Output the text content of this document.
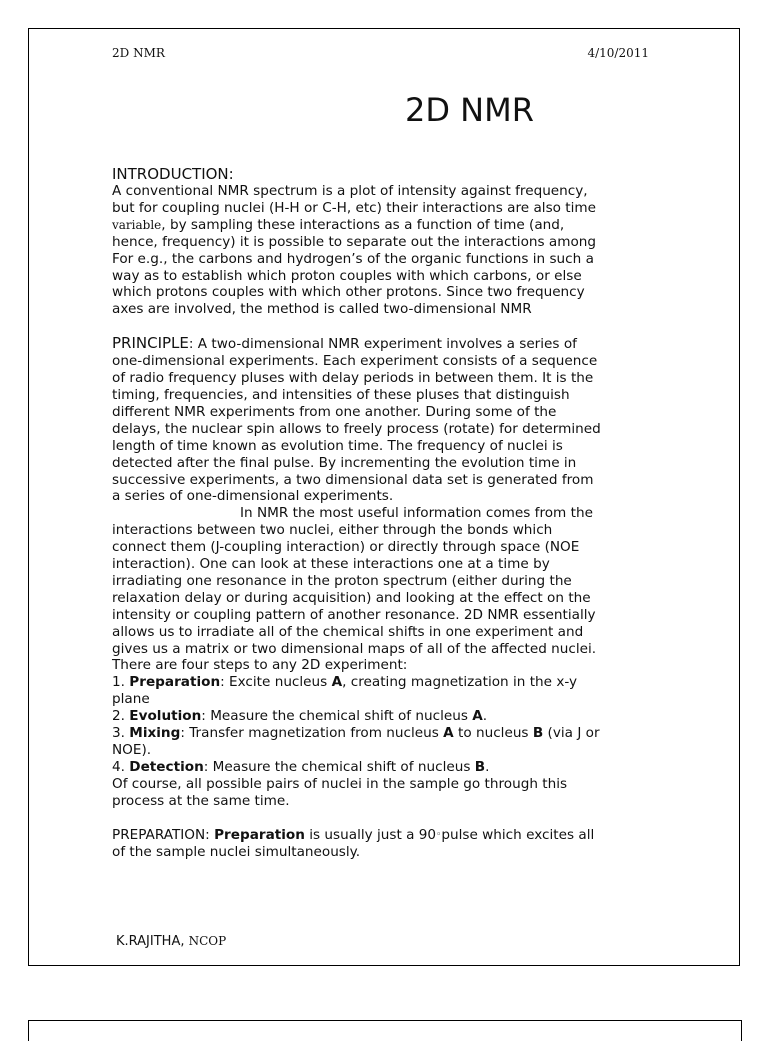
2D NMR	4/10/2011
2D NMR

INTRODUCTION:

A conventional NMR spectrum is a plot of intensity against frequency,

but for coupling nuclei (H-H or C-H, etc) their interactions are also time

variable, by sampling these interactions as a function of time (and,

hence, frequency) it is possible to separate out the interactions among

For e.g., the carbons and hydrogen’s of the organic functions in such a

way as to establish which proton couples with which carbons, or else

which protons couples with which other protons. Since two frequency

axes are involved, the method is called two-dimensional NMR

PRINCIPLE: A two-dimensional NMR experiment involves a series of

one-dimensional experiments. Each experiment consists of a sequence

of radio frequency pluses with delay periods in between them. It is the

timing, frequencies, and intensities of these pluses that distinguish

different NMR experiments from one another. During some of the

delays, the nuclear spin allows to freely process (rotate) for determined

length of time known as evolution time. The frequency of nuclei is

detected after the final pulse. By incrementing the evolution time in

successive experiments, a two dimensional data set is generated from

a series of one-dimensional experiments.

In NMR the most useful information comes from the

interactions between two nuclei, either through the bonds which

connect them (J-coupling interaction) or directly through space (NOE

interaction). One can look at these interactions one at a time by

irradiating one resonance in the proton spectrum (either during the

relaxation delay or during acquisition) and looking at the effect on the

intensity or coupling pattern of another resonance. 2D NMR essentially

allows us to irradiate all of the chemical shifts in one experiment and

gives us a matrix or two dimensional maps of all of the affected nuclei.

There are four steps to any 2D experiment:

1. Preparation: Excite nucleus A, creating magnetization in the x-y

plane

2. Evolution: Measure the chemical shift of nucleus A.

3. Mixing: Transfer magnetization from nucleus A to nucleus B (via J or

NOE).

4. Detection: Measure the chemical shift of nucleus B.

Of course, all possible pairs of nuclei in the sample go through this

process at the same time.

PREPARATION: Preparation is usually just a 90◦pulse which excites all

of the sample nuclei simultaneously.

K.RAJITHA, NCOP
